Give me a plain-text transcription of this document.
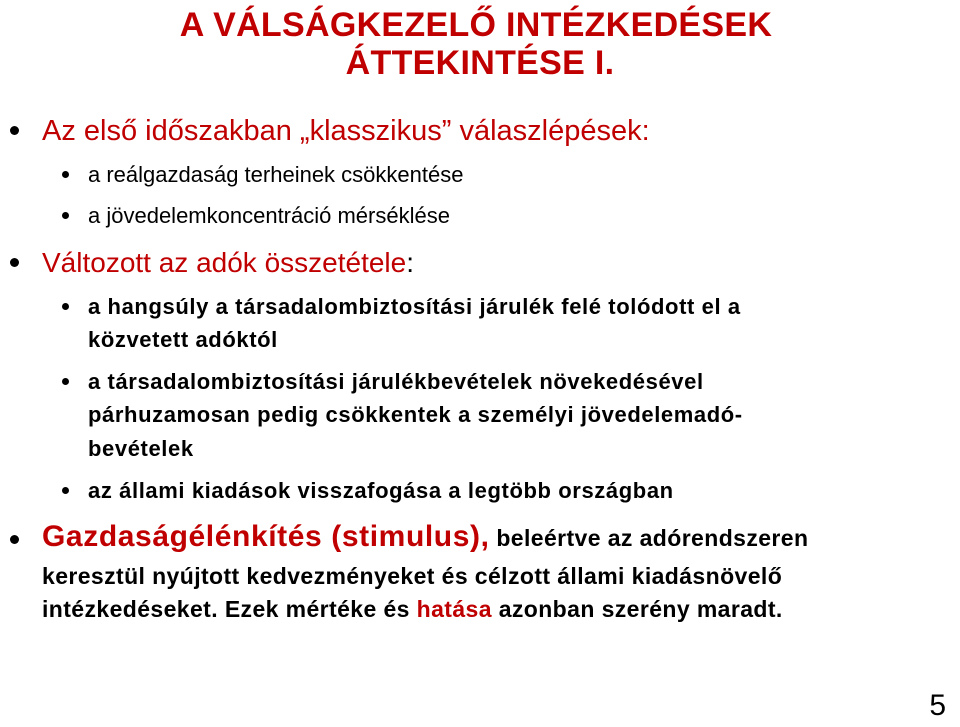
A VÁLSÁGKEZELŐ INTÉZKEDÉSEK
ÁTTEKINTÉSE I.
Az első időszakban „klasszikus” válaszlépések:
a reálgazdaság terheinek csökkentése
a jövedelemkoncentráció mérséklése
Változott az adók összetétele:
a hangsúly a társadalombiztosítási járulék felé tolódott el a
közvetett adóktól
a társadalombiztosítási járulékbevételek növekedésével
párhuzamosan pedig csökkentek a személyi jövedelemadó-
bevételek
az állami kiadások visszafogása a legtöbb országban
Gazdaságélénkítés (stimulus), beleértve az adórendszeren
keresztül nyújtott kedvezményeket és célzott állami kiadásnövelő
intézkedéseket. Ezek mértéke és hatása azonban szerény maradt.
5
